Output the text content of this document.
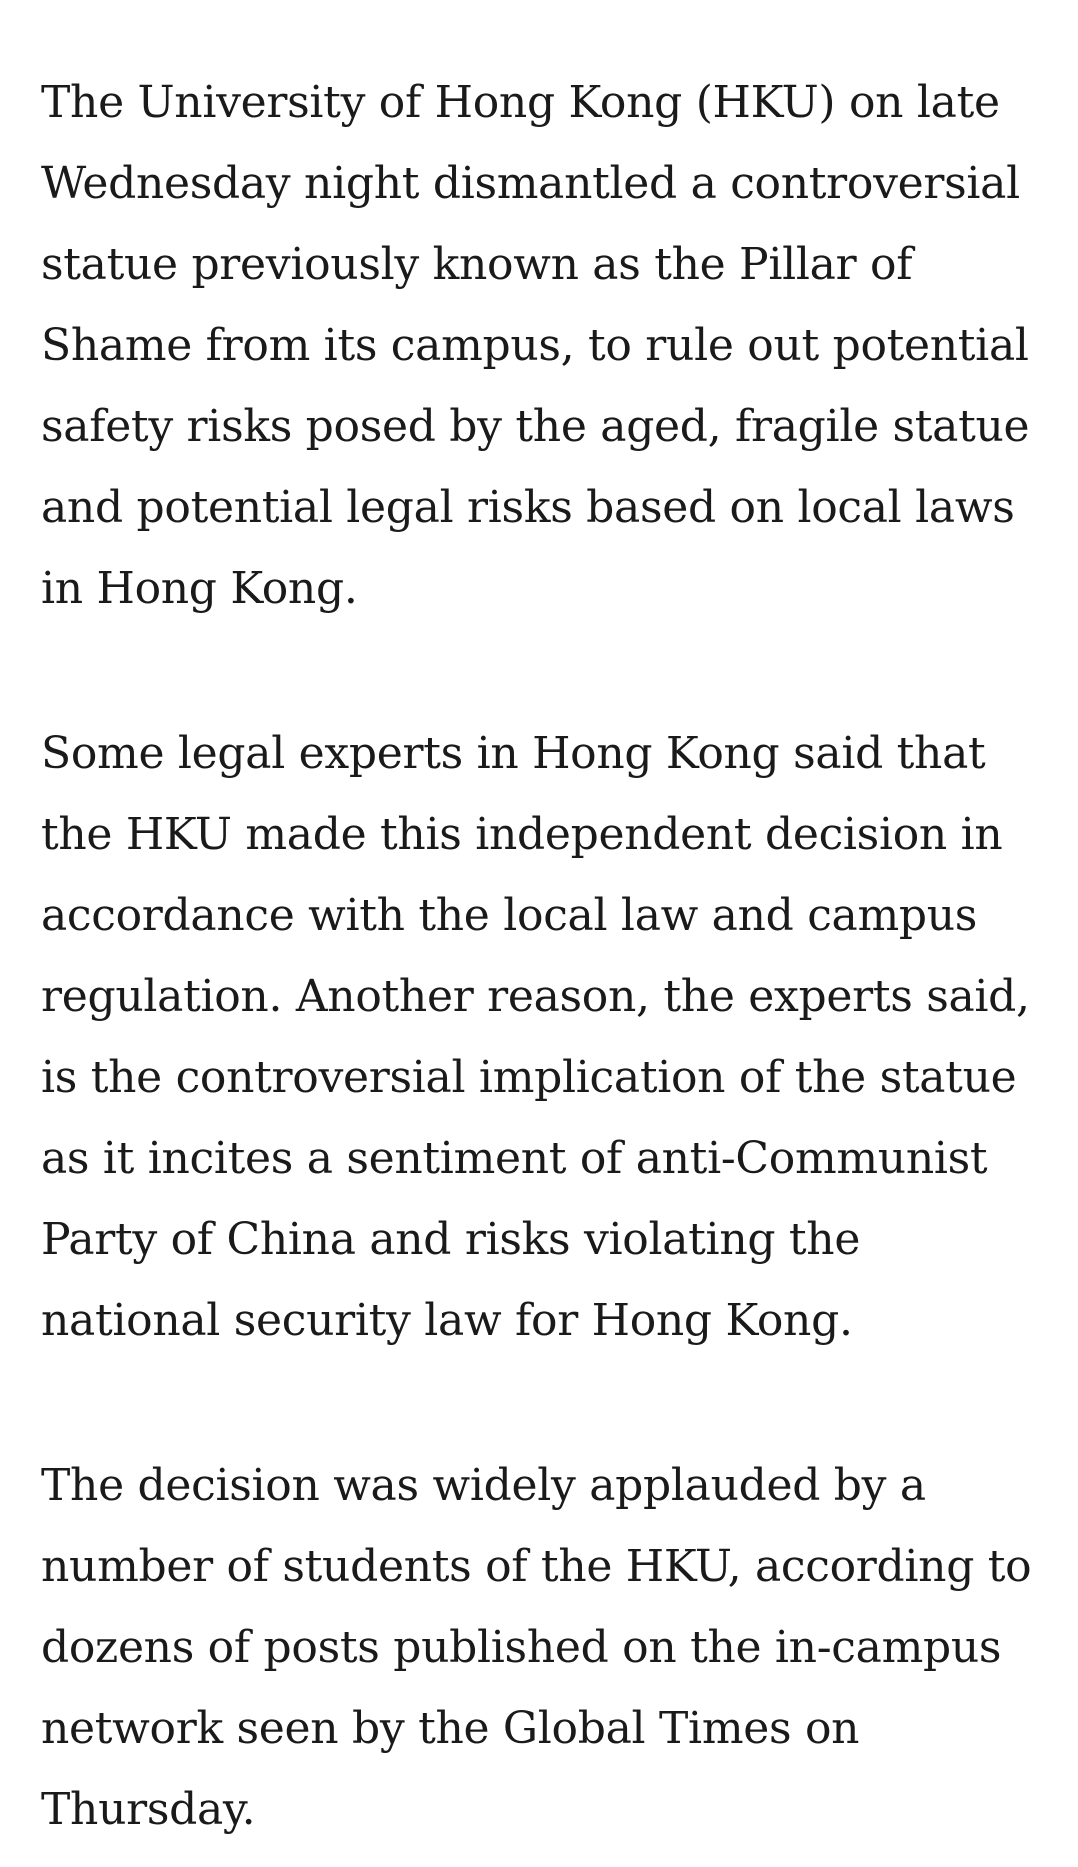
The University of Hong Kong (HKU) on late Wednesday night dismantled a controversial statue previously known as the Pillar of Shame from its campus, to rule out potential safety risks posed by the aged, fragile statue and potential legal risks based on local laws in Hong Kong.

Some legal experts in Hong Kong said that the HKU made this independent decision in accordance with the local law and campus regulation. Another reason, the experts said, is the controversial implication of the statue as it incites a sentiment of anti-Communist Party of China and risks violating the national security law for Hong Kong.

The decision was widely applauded by a number of students of the HKU, according to dozens of posts published on the in-campus network seen by the Global Times on Thursday.
